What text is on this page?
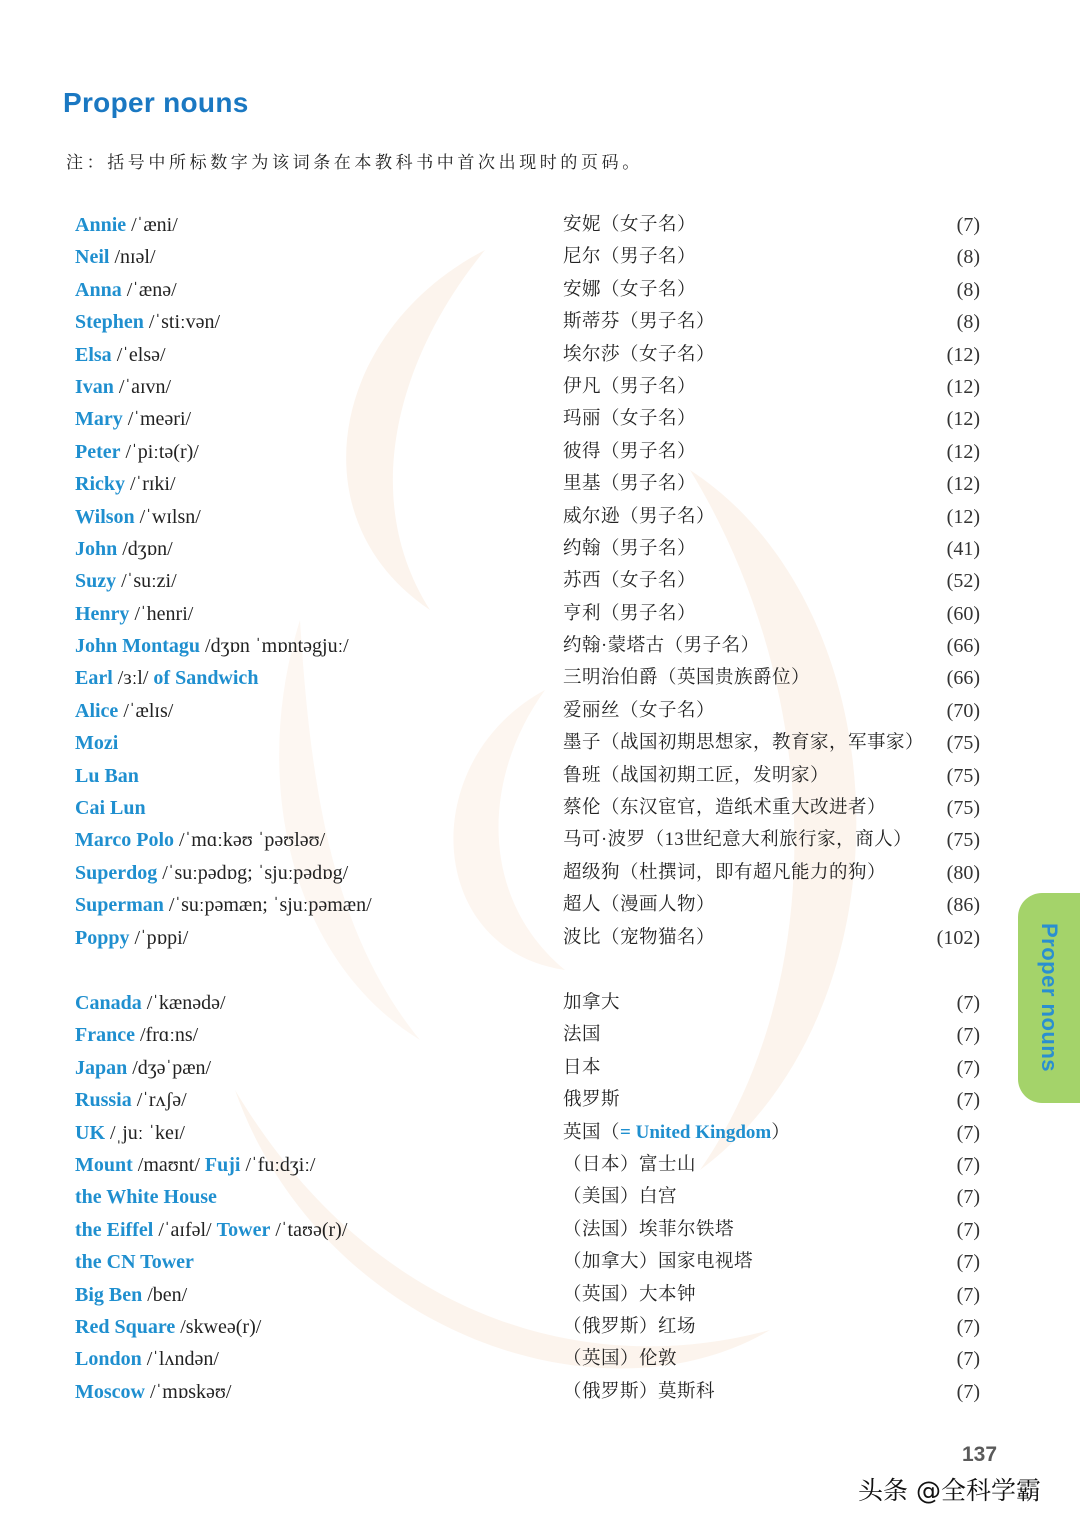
Proper nouns

注：括号中所标数字为该词条在本教科书中首次出现时的页码。

Annie /ˈæni/	安妮（女子名）	(7)
Neil /nɪəl/	尼尔（男子名）	(8)
Anna /ˈænə/	安娜（女子名）	(8)
Stephen /ˈstiːvən/	斯蒂芬（男子名）	(8)
Elsa /ˈelsə/	埃尔莎（女子名）	(12)
Ivan /ˈaɪvn/	伊凡（男子名）	(12)
Mary /ˈmeəri/	玛丽（女子名）	(12)
Peter /ˈpiːtə(r)/	彼得（男子名）	(12)
Ricky /ˈrɪki/	里基（男子名）	(12)
Wilson /ˈwɪlsn/	威尔逊（男子名）	(12)
John /dʒɒn/	约翰（男子名）	(41)
Suzy /ˈsuːzi/	苏西（女子名）	(52)
Henry /ˈhenri/	亨利（男子名）	(60)
John Montagu /dʒɒn ˈmɒntəgjuː/	约翰·蒙塔古（男子名）	(66)
Earl /ɜːl/ of Sandwich	三明治伯爵（英国贵族爵位）	(66)
Alice /ˈælɪs/	爱丽丝（女子名）	(70)
Mozi	墨子（战国初期思想家，教育家，军事家） (75)
Lu Ban	鲁班（战国初期工匠，发明家）	(75)
Cai Lun	蔡伦（东汉宦官，造纸术重大改进者）	(75)
Marco Polo /ˈmɑːkəʊ ˈpəʊləʊ/	马可·波罗（13世纪意大利旅行家，商人） (75)
Superdog /ˈsuːpədɒg; ˈsjuːpədɒg/	超级狗（杜撰词，即有超凡能力的狗）	(80)
Superman /ˈsuːpəmæn; ˈsjuːpəmæn/	超人（漫画人物）	(86)
Poppy /ˈpɒpi/	波比（宠物猫名）	(102)
Canada /ˈkænədə/	加拿大	(7)
France /frɑːns/	法国	(7)
Japan /dʒəˈpæn/	日本	(7)
Russia /ˈrʌʃə/	俄罗斯	(7)
UK /ˌjuː ˈkeɪ/	英国（= United Kingdom）	(7)
Mount /maʊnt/ Fuji /ˈfuːdʒiː/	（日本）富士山	(7)
the White House	（美国）白宫	(7)
the Eiffel /ˈaɪfəl/ Tower /ˈtaʊə(r)/	（法国）埃菲尔铁塔	(7)
the CN Tower	（加拿大）国家电视塔	(7)
Big Ben /ben/	（英国）大本钟	(7)
Red Square /skweə(r)/	（俄罗斯）红场	(7)
London /ˈlʌndən/	（英国）伦敦	(7)
Moscow /ˈmɒskəʊ/	（俄罗斯）莫斯科	(7)
Proper nouns
137
头条 @全科学霸
